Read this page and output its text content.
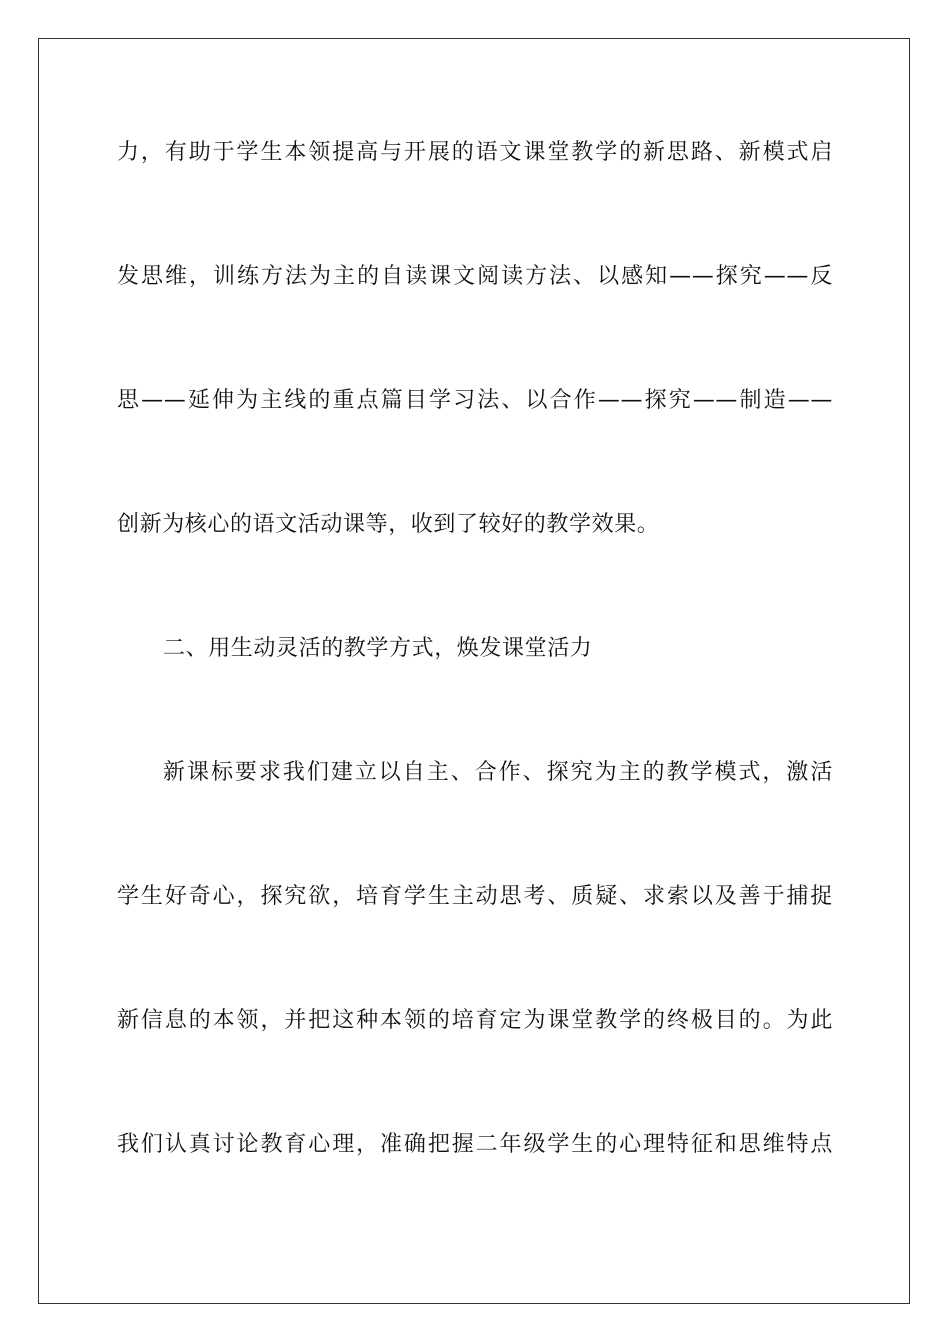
力，有助于学生本领提高与开展的语文课堂教学的新思路、新模式启
发思维，训练方法为主的自读课文阅读方法、以感知——探究——反
思——延伸为主线的重点篇目学习法、以合作——探究——制造——
创新为核心的语文活动课等，收到了较好的教学效果。
二、用生动灵活的教学方式，焕发课堂活力
新课标要求我们建立以自主、合作、探究为主的教学模式，激活
学生好奇心，探究欲，培育学生主动思考、质疑、求索以及善于捕捉
新信息的本领，并把这种本领的培育定为课堂教学的终极目的。为此
我们认真讨论教育心理，准确把握二年级学生的心理特征和思维特点
